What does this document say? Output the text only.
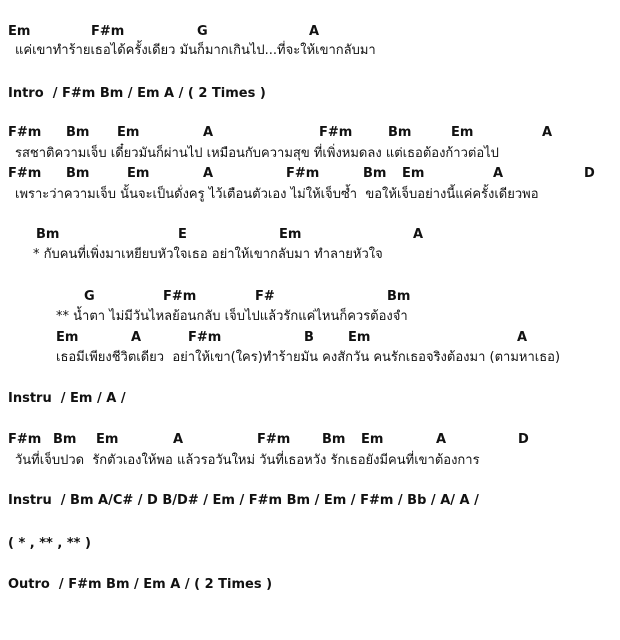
Em	F#m	G	A
แค่เขาทำร้ายเธอได้ครั้งเดียว มันก็มากเกินไป...ที่จะให้เขากลับมา
Intro  / F#m Bm / Em A / ( 2 Times )
F#m Bm Em	A	F#m	Bm	Em	A
รสชาติความเจ็บ เดี๋ยวมันก็ผ่านไป เหมือนกับความสุข ที่เพิ่งหมดลง แต่เธอต้องก้าวต่อไป
F#m Bm	Em	A	F#m	Bm Em	A	D
เพราะว่าความเจ็บ นั้นจะเป็นดั่งครู ไว้เตือนตัวเอง ไม่ให้เจ็บซ้ำ  ขอให้เจ็บอย่างนี้แค่ครั้งเดียวพอ
Bm	E	Em	A
* กับคนที่เพิ่งมาเหยียบหัวใจเธอ อย่าให้เขากลับมา ทำลายหัวใจ
G	F#m	F#	Bm
** น้ำตา ไม่มีวันไหลย้อนกลับ เจ็บไปแล้วรักแค่ไหนก็ควรต้องจำ
Em	A	F#m	B	Em	A
เธอมีเพียงชีวิตเดียว  อย่าให้เขา(ใคร)ทำร้ายมัน คงสักวัน คนรักเธอจริงต้องมา (ตามหาเธอ)
Instru  / Em / A /
F#m Bm Em	A	F#m Bm Em	A	D
วันที่เจ็บปวด  รักตัวเองให้พอ แล้วรอวันใหม่ วันที่เธอหวัง รักเธอยังมีคนที่เขาต้องการ
Instru  / Bm A/C# / D B/D# / Em / F#m Bm / Em / F#m / Bb / A/ A /
( * , ** , ** )
Outro  / F#m Bm / Em A / ( 2 Times )
